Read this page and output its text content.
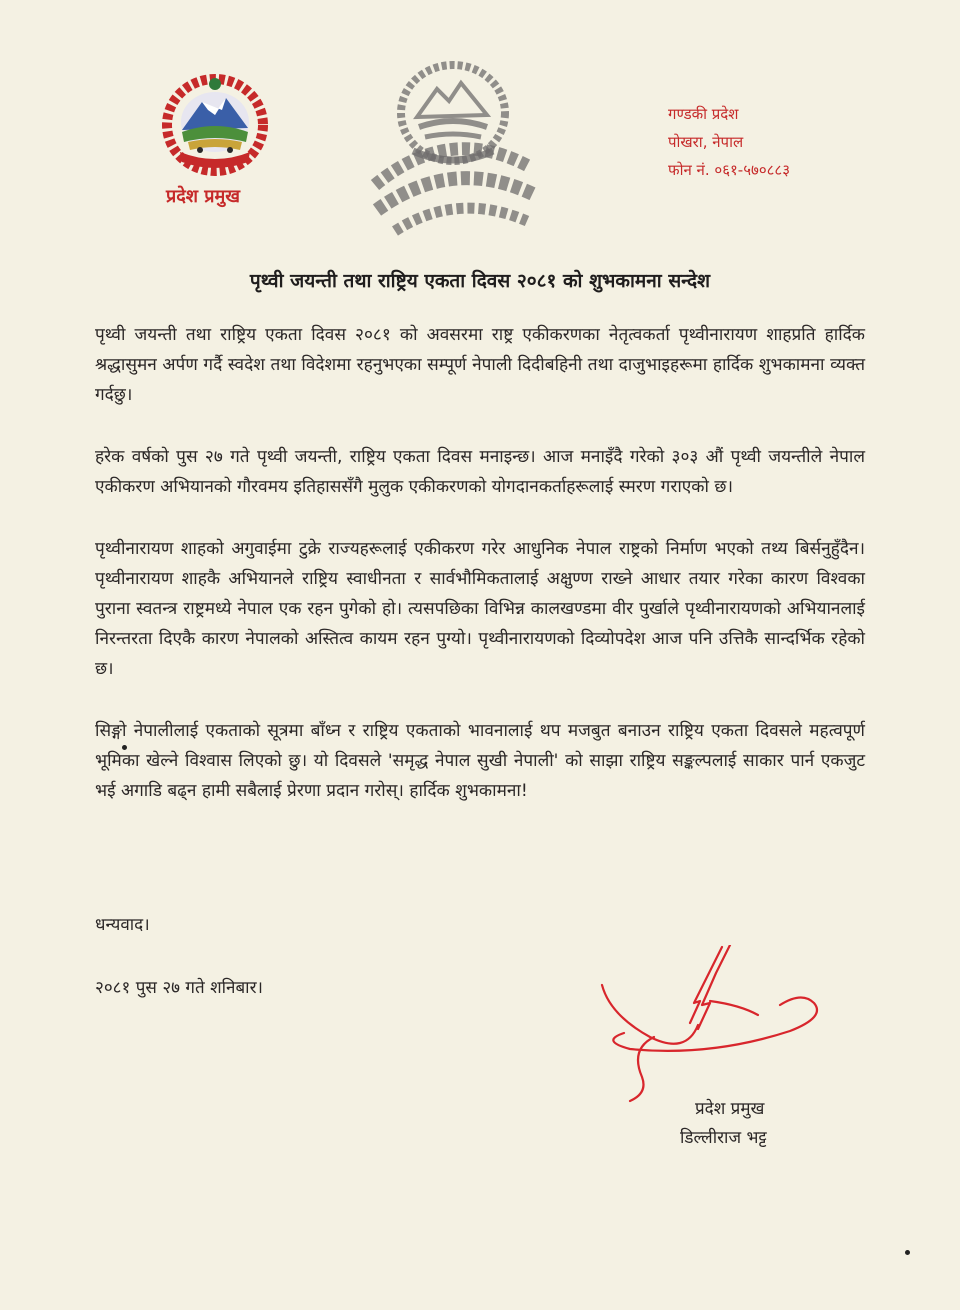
प्रदेश प्रमुख
गण्डकी प्रदेश
पोखरा, नेपाल
फोन नं. ०६१-५७०८८३
पृथ्वी जयन्ती तथा राष्ट्रिय एकता दिवस २०८१ को शुभकामना सन्देश

पृथ्वी जयन्ती तथा राष्ट्रिय एकता दिवस २०८१ को अवसरमा राष्ट्र एकीकरणका नेतृत्वकर्ता पृथ्वीनारायण शाहप्रति हार्दिक श्रद्धासुमन अर्पण गर्दै स्वदेश तथा विदेशमा रहनुभएका सम्पूर्ण नेपाली दिदीबहिनी तथा दाजुभाइहरूमा हार्दिक शुभकामना व्यक्त गर्दछु।

हरेक वर्षको पुस २७ गते पृथ्वी जयन्ती, राष्ट्रिय एकता दिवस मनाइन्छ। आज मनाइँदै गरेको ३०३ औं पृथ्वी जयन्तीले नेपाल एकीकरण अभियानको गौरवमय इतिहाससँगै मुलुक एकीकरणको योगदानकर्ताहरूलाई स्मरण गराएको छ।

पृथ्वीनारायण शाहको अगुवाईमा टुक्रे राज्यहरूलाई एकीकरण गरेर आधुनिक नेपाल राष्ट्रको निर्माण भएको तथ्य बिर्सनुहुँदैन। पृथ्वीनारायण शाहकै अभियानले राष्ट्रिय स्वाधीनता र सार्वभौमिकतालाई अक्षुण्ण राख्ने आधार तयार गरेका कारण विश्वका पुराना स्वतन्त्र राष्ट्रमध्ये नेपाल एक रहन पुगेको हो। त्यसपछिका विभिन्न कालखण्डमा वीर पुर्खाले पृथ्वीनारायणको अभियानलाई निरन्तरता दिएकै कारण नेपालको अस्तित्व कायम रहन पुग्यो। पृथ्वीनारायणको दिव्योपदेश आज पनि उत्तिकै सान्दर्भिक रहेको छ।

सिङ्गो नेपालीलाई एकताको सूत्रमा बाँध्न र राष्ट्रिय एकताको भावनालाई थप मजबुत बनाउन राष्ट्रिय एकता दिवसले महत्वपूर्ण भूमिका खेल्ने विश्वास लिएको छु। यो दिवसले 'समृद्ध नेपाल सुखी नेपाली' को साझा राष्ट्रिय सङ्कल्पलाई साकार पार्न एकजुट भई अगाडि बढ्न हामी सबैलाई प्रेरणा प्रदान गरोस्। हार्दिक शुभकामना!

धन्यवाद।
२०८१ पुस २७ गते शनिबार।
प्रदेश प्रमुख
डिल्लीराज भट्ट
